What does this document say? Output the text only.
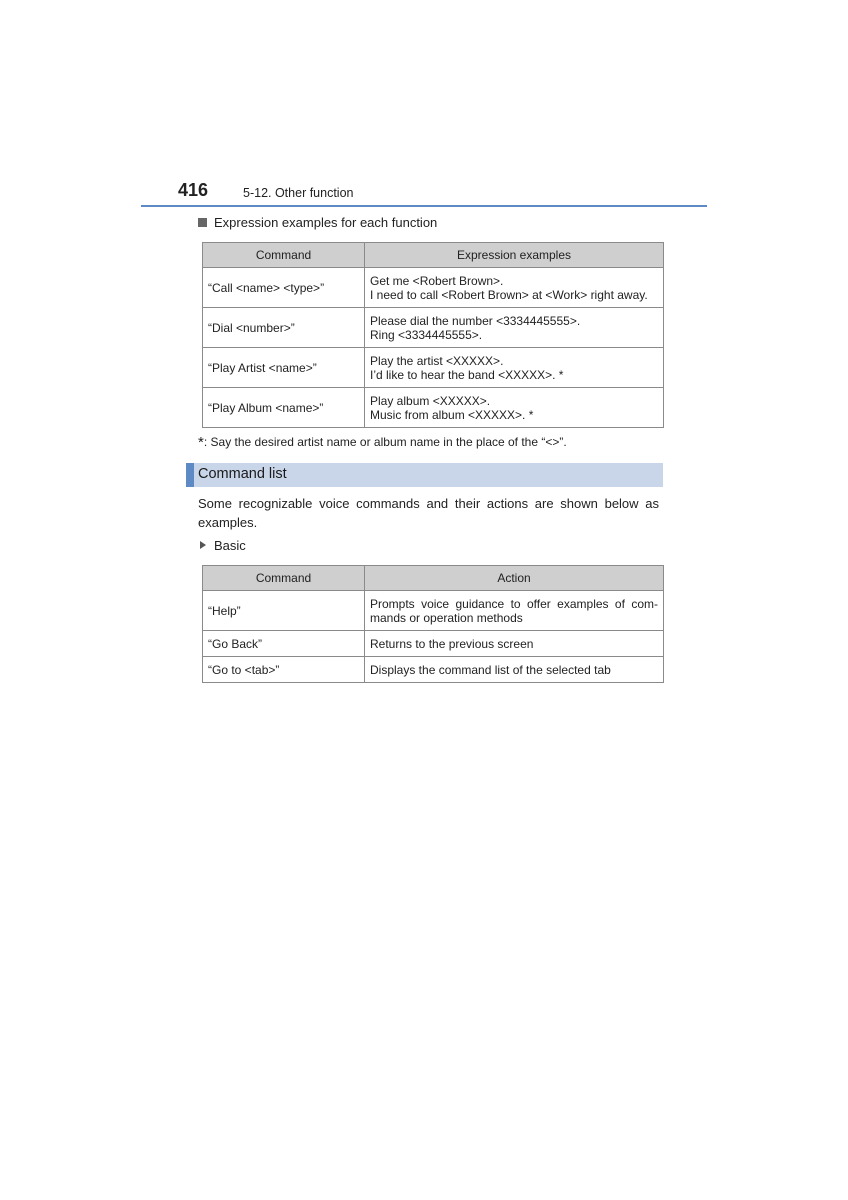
416	5-12. Other function
Expression examples for each function
Command	Expression examples
“Call <name> <type>”	Get me <Robert Brown>.
I need to call <Robert Brown> at <Work> right away.
“Dial <number>”	Please dial the number <3334445555>.
Ring <3334445555>.
“Play Artist <name>”	Play the artist <XXXXX>.
I’d like to hear the band <XXXXX>. *
“Play Album <name>”	Play album <XXXXX>.
Music from album <XXXXX>. *
*: Say the desired artist name or album name in the place of the “<>”.
Command list
Some recognizable voice commands and their actions are shown below as examples.
Basic
Command	Action
“Help”	Prompts voice guidance to offer examples of com-mands or operation methods
“Go Back”	Returns to the previous screen
“Go to <tab>”	Displays the command list of the selected tab
